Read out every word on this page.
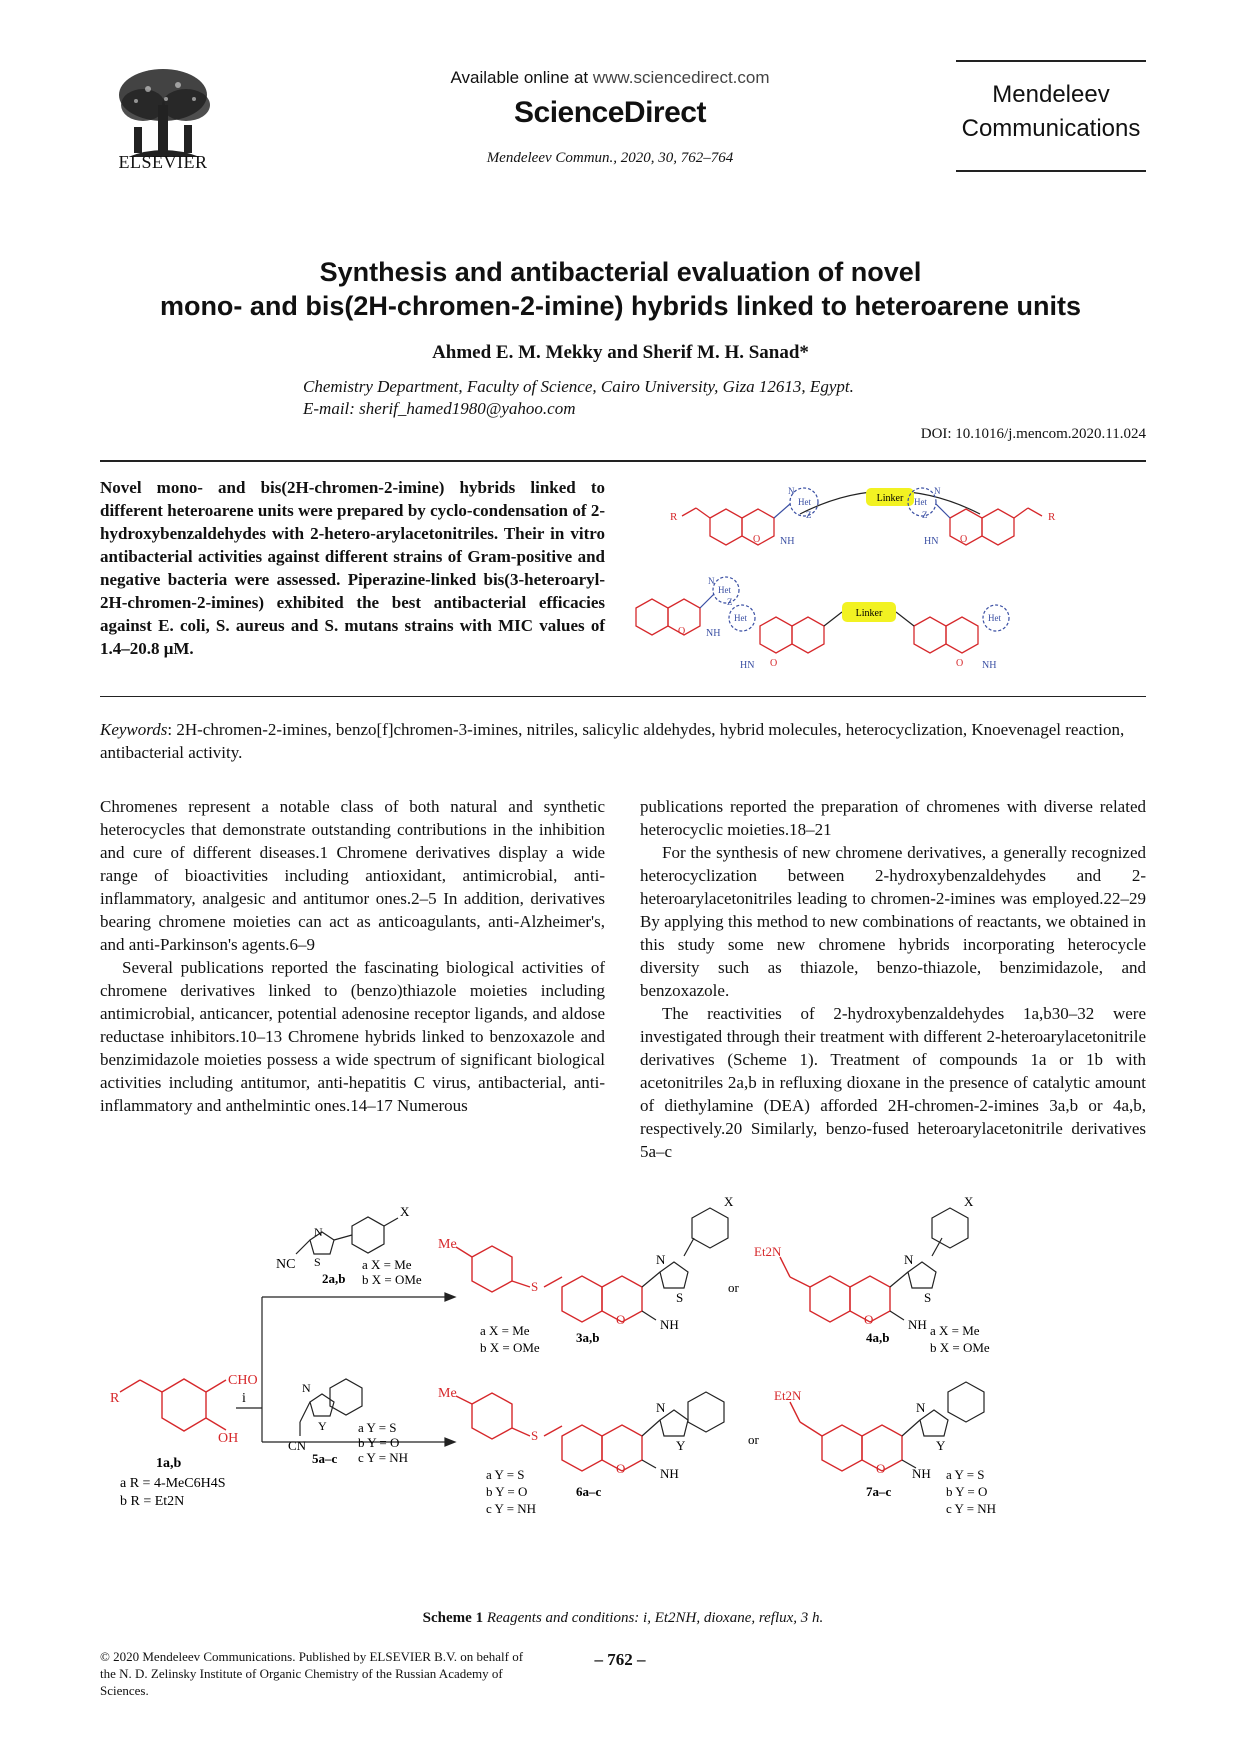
ELSEVIER
Available online at www.sciencedirect.com
ScienceDirect
Mendeleev Commun., 2020, 30, 762–764
Mendeleev
Communications
Synthesis and antibacterial evaluation of novel
mono- and bis(2H-chromen-2-imine) hybrids linked to heteroarene units
Ahmed E. M. Mekky and Sherif M. H. Sanad*
Chemistry Department, Faculty of Science, Cairo University, Giza 12613, Egypt.
E-mail: sherif_hamed1980@yahoo.com
DOI: 10.1016/j.mencom.2020.11.024
Novel mono- and bis(2H-chromen-2-imine) hybrids linked to different heteroarene units were prepared by cyclo-condensation of 2-hydroxybenzaldehydes with 2-hetero-arylacetonitriles. Their in vitro antibacterial activities against different strains of Gram-positive and negative bacteria were assessed. Piperazine-linked bis(3-heteroaryl-2H-chromen-2-imines) exhibited the best antibacterial efficacies against E. coli, S. aureus and S. mutans strains with MIC values of 1.4–20.8 μM.
Linker
R
O NH
Het
N
Z	R
O
HN
Het
N
Z
Het
N
Z
NH
O
Het	Het
Linker
HN O	O NH
Keywords: 2H-chromen-2-imines, benzo[f]chromen-3-imines, nitriles, salicylic aldehydes, hybrid molecules, heterocyclization, Knoevenagel reaction, antibacterial activity.

Chromenes represent a notable class of both natural and synthetic heterocycles that demonstrate outstanding contributions in the inhibition and cure of different diseases.1 Chromene derivatives display a wide range of bioactivities including antioxidant, antimicrobial, anti-inflammatory, analgesic and antitumor ones.2–5 In addition, derivatives bearing chromene moieties can act as anticoagulants, anti-Alzheimer's, and anti-Parkinson's agents.6–9

Several publications reported the fascinating biological activities of chromene derivatives linked to (benzo)thiazole moieties including antimicrobial, anticancer, potential adenosine receptor ligands, and aldose reductase inhibitors.10–13 Chromene hybrids linked to benzoxazole and benzimidazole moieties possess a wide spectrum of significant biological activities including antitumor, anti-hepatitis C virus, antibacterial, anti-inflammatory and anthelmintic ones.14–17 Numerous

publications reported the preparation of chromenes with diverse related heterocyclic moieties.18–21

For the synthesis of new chromene derivatives, a generally recognized heterocyclization between 2-hydroxybenzaldehydes and 2-heteroarylacetonitriles leading to chromen-2-imines was employed.22–29 By applying this method to new combinations of reactants, we obtained in this study some new chromene hybrids incorporating heterocycle diversity such as thiazole, benzo-thiazole, benzimidazole, and benzoxazole.

The reactivities of 2-hydroxybenzaldehydes 1a,b30–32 were investigated through their treatment with different 2-heteroarylacetonitrile derivatives (Scheme 1). Treatment of compounds 1a or 1b with acetonitriles 2a,b in refluxing dioxane in the presence of catalytic amount of diethylamine (DEA) afforded 2H-chromen-2-imines 3a,b or 4a,b, respectively.20 Similarly, benzo-fused heteroarylacetonitrile derivatives 5a–c

R
CHO
OH
1a,b
a R = 4-MeC6H4S
b R = Et2N
i
NC
N
S
X
2a,b
a X = Me
b X = OMe
N
Y
CN
5a–c
a Y = S
b Y = O
c Y = NH
Me
S
O
N
S
X
NH
a X = Me
b X = OMe
3a,b
or
Et2N
O
N
S
X
NH
4a,b	a X = Me
b X = OMe
Me
S
O
N
Y
NH
a Y = S
b Y = O
c Y = NH
6a–c
or
Et2N
O
N
Y
NH
7a–c
a Y = S
b Y = O
c Y = NH
Scheme 1 Reagents and conditions: i, Et2NH, dioxane, reflux, 3 h.
© 2020 Mendeleev Communications. Published by ELSEVIER B.V. on behalf of the N. D. Zelinsky Institute of Organic Chemistry of the Russian Academy of Sciences.
– 762 –
